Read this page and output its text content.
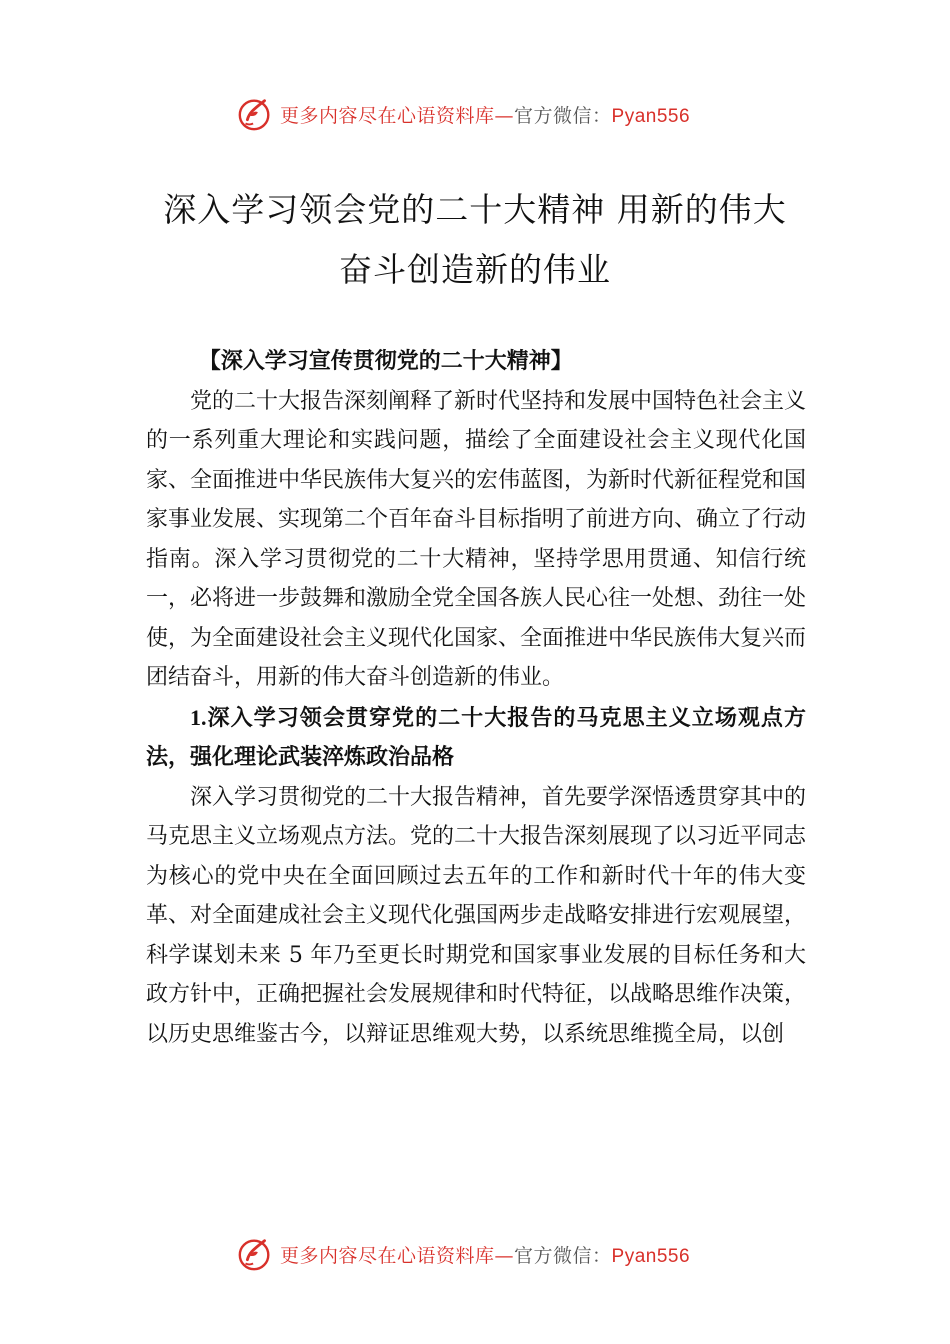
更多内容尽在心语资料库—官方微信：Pyan556
深入学习领会党的二十大精神 用新的伟大
奋斗创造新的伟业

【深入学习宣传贯彻党的二十大精神】

党的二十大报告深刻阐释了新时代坚持和发展中国特色社会主义的一系列重大理论和实践问题，描绘了全面建设社会主义现代化国家、全面推进中华民族伟大复兴的宏伟蓝图，为新时代新征程党和国家事业发展、实现第二个百年奋斗目标指明了前进方向、确立了行动指南。深入学习贯彻党的二十大精神，坚持学思用贯通、知信行统一，必将进一步鼓舞和激励全党全国各族人民心往一处想、劲往一处使，为全面建设社会主义现代化国家、全面推进中华民族伟大复兴而团结奋斗，用新的伟大奋斗创造新的伟业。

1.深入学习领会贯穿党的二十大报告的马克思主义立场观点方法，强化理论武装淬炼政治品格

深入学习贯彻党的二十大报告精神，首先要学深悟透贯穿其中的马克思主义立场观点方法。党的二十大报告深刻展现了以习近平同志为核心的党中央在全面回顾过去五年的工作和新时代十年的伟大变革、对全面建成社会主义现代化强国两步走战略安排进行宏观展望，科学谋划未来 5 年乃至更长时期党和国家事业发展的目标任务和大政方针中，正确把握社会发展规律和时代特征，以战略思维作决策，以历史思维鉴古今，以辩证思维观大势，以系统思维揽全局，以创

更多内容尽在心语资料库—官方微信：Pyan556
